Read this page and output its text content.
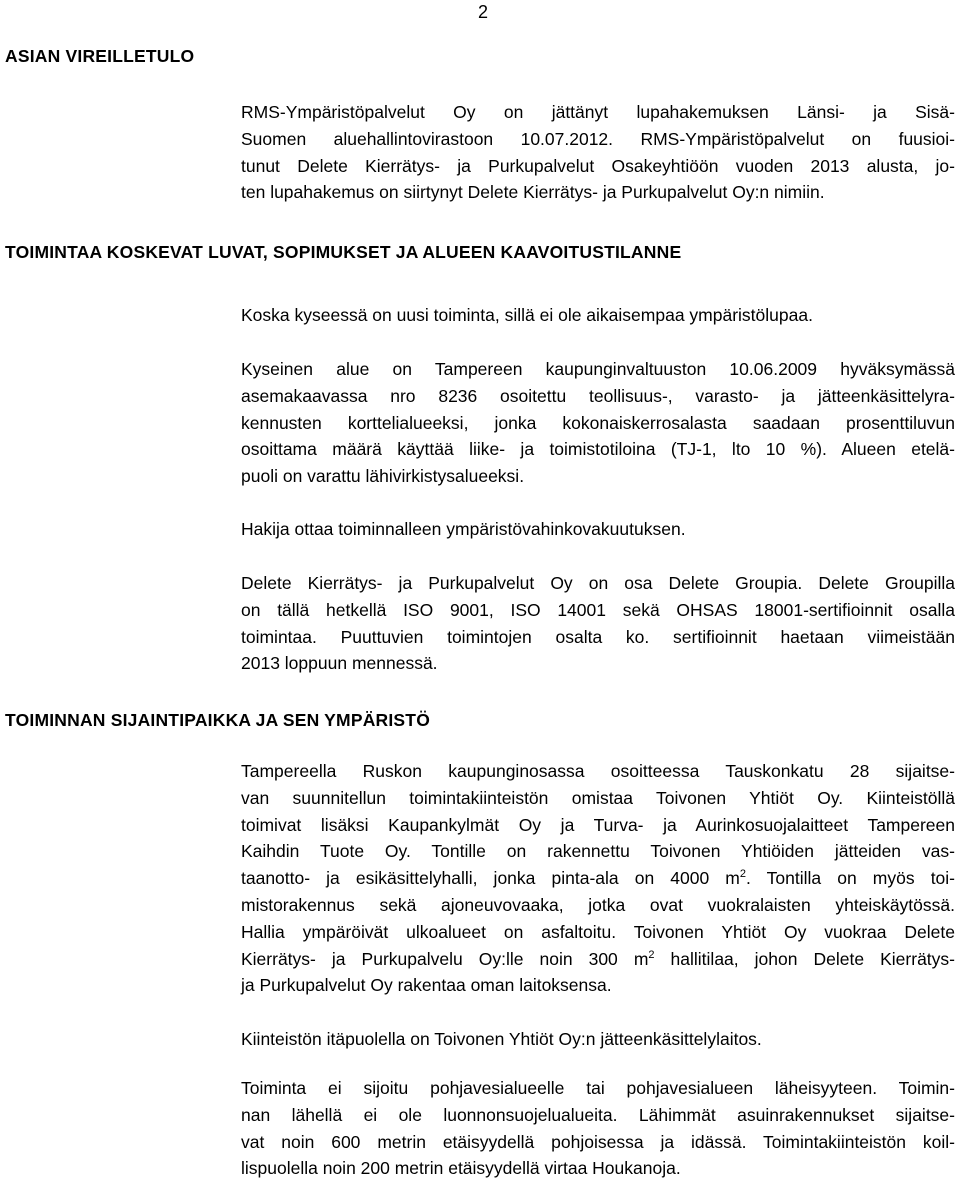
2
ASIAN VIREILLETULO
RMS-Ympäristöpalvelut Oy on jättänyt lupahakemuksen Länsi- ja Sisä-
Suomen aluehallintovirastoon 10.07.2012. RMS-Ympäristöpalvelut on fuusioi-
tunut Delete Kierrätys- ja Purkupalvelut Osakeyhtiöön vuoden 2013 alusta, jo-
ten lupahakemus on siirtynyt Delete Kierrätys- ja Purkupalvelut Oy:n nimiin.
TOIMINTAA KOSKEVAT LUVAT, SOPIMUKSET JA ALUEEN KAAVOITUSTILANNE
Koska kyseessä on uusi toiminta, sillä ei ole aikaisempaa ympäristölupaa.
Kyseinen alue on Tampereen kaupunginvaltuuston 10.06.2009 hyväksymässä
asemakaavassa nro 8236 osoitettu teollisuus-, varasto- ja jätteenkäsittelyra-
kennusten korttelialueeksi, jonka kokonaiskerrosalasta saadaan prosenttiluvun
osoittama määrä käyttää liike- ja toimistotiloina (TJ-1, lto 10 %). Alueen etelä-
puoli on varattu lähivirkistysalueeksi.
Hakija ottaa toiminnalleen ympäristövahinkovakuutuksen.
Delete Kierrätys- ja Purkupalvelut Oy on osa Delete Groupia. Delete Groupilla
on tällä hetkellä ISO 9001, ISO 14001 sekä OHSAS 18001-sertifioinnit osalla
toimintaa. Puuttuvien toimintojen osalta ko. sertifioinnit haetaan viimeistään
2013 loppuun mennessä.
TOIMINNAN SIJAINTIPAIKKA JA SEN YMPÄRISTÖ
Tampereella Ruskon kaupunginosassa osoitteessa Tauskonkatu 28 sijaitse-
van suunnitellun toimintakiinteistön omistaa Toivonen Yhtiöt Oy. Kiinteistöllä
toimivat lisäksi Kaupankylmät Oy ja Turva- ja Aurinkosuojalaitteet Tampereen
Kaihdin Tuote Oy. Tontille on rakennettu Toivonen Yhtiöiden jätteiden vas-
taanotto- ja esikäsittelyhalli, jonka pinta-ala on 4000 $m^2$. Tontilla on myös toi-
mistorakennus sekä ajoneuvovaaka, jotka ovat vuokralaisten yhteiskäytössä.
Hallia ympäröivät ulkoalueet on asfaltoitu. Toivonen Yhtiöt Oy vuokraa Delete
Kierrätys- ja Purkupalvelu Oy:lle noin 300 $m^2$ hallitilaa, johon Delete Kierrätys-
ja Purkupalvelut Oy rakentaa oman laitoksensa.
Kiinteistön itäpuolella on Toivonen Yhtiöt Oy:n jätteenkäsittelylaitos.
Toiminta ei sijoitu pohjavesialueelle tai pohjavesialueen läheisyyteen. Toimin-
nan lähellä ei ole luonnonsuojelualueita. Lähimmät asuinrakennukset sijaitse-
vat noin 600 metrin etäisyydellä pohjoisessa ja idässä. Toimintakiinteistön koil-
lispuolella noin 200 metrin etäisyydellä virtaa Houkanoja.
